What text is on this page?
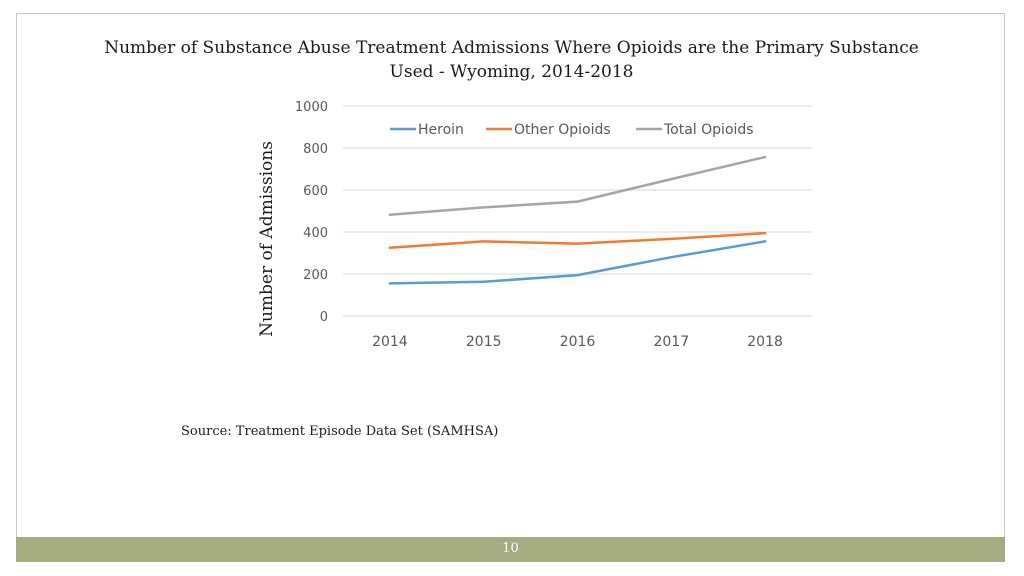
Number of Substance Abuse Treatment Admissions Where Opioids are the Primary Substance
Used - Wyoming, 2014-2018
0
200
400
600
800
1000
2014	2015	2016	2017	2018
Heroin	Other Opioids	Total Opioids
Number of Admissions
Source: Treatment Episode Data Set (SAMHSA)
10
